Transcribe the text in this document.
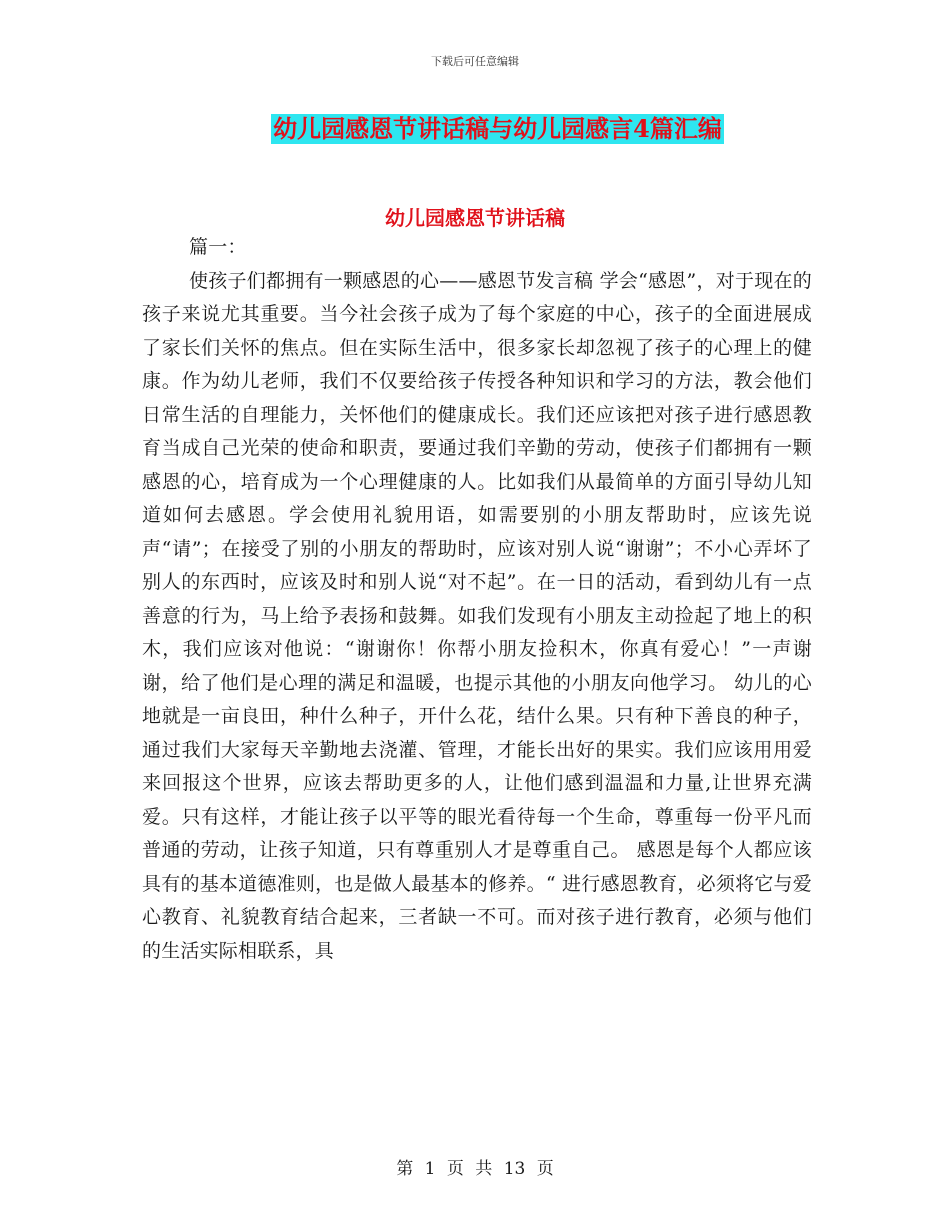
下载后可任意编辑
幼儿园感恩节讲话稿与幼儿园感言4篇汇编
幼儿园感恩节讲话稿

篇一：

使孩子们都拥有一颗感恩的心——感恩节发言稿 学会“感恩”，对于现在的孩子来说尤其重要。当今社会孩子成为了每个家庭的中心，孩子的全面进展成了家长们关怀的焦点。但在实际生活中，很多家长却忽视了孩子的心理上的健康。作为幼儿老师，我们不仅要给孩子传授各种知识和学习的方法，教会他们日常生活的自理能力，关怀他们的健康成长。我们还应该把对孩子进行感恩教育当成自己光荣的使命和职责，要通过我们辛勤的劳动，使孩子们都拥有一颗感恩的心，培育成为一个心理健康的人。比如我们从最简单的方面引导幼儿知道如何去感恩。学会使用礼貌用语，如需要别的小朋友帮助时，应该先说声“请”；在接受了别的小朋友的帮助时，应该对别人说“谢谢”；不小心弄坏了别人的东西时，应该及时和别人说“对不起”。在一日的活动，看到幼儿有一点善意的行为，马上给予表扬和鼓舞。如我们发现有小朋友主动捡起了地上的积木，我们应该对他说：“谢谢你！你帮小朋友捡积木，你真有爱心！”一声谢谢，给了他们是心理的满足和温暖，也提示其他的小朋友向他学习。 幼儿的心地就是一亩良田，种什么种子，开什么花，结什么果。只有种下善良的种子，通过我们大家每天辛勤地去浇灌、管理，才能长出好的果实。我们应该用用爱来回报这个世界，应该去帮助更多的人，让他们感到温温和力量,让世界充满爱。只有这样，才能让孩子以平等的眼光看待每一个生命，尊重每一份平凡而普通的劳动，让孩子知道，只有尊重别人才是尊重自己。 感恩是每个人都应该具有的基本道德准则，也是做人最基本的修养。“ 进行感恩教育，必须将它与爱心教育、礼貌教育结合起来，三者缺一不可。而对孩子进行教育，必须与他们的生活实际相联系，具

第 1 页 共 13 页
